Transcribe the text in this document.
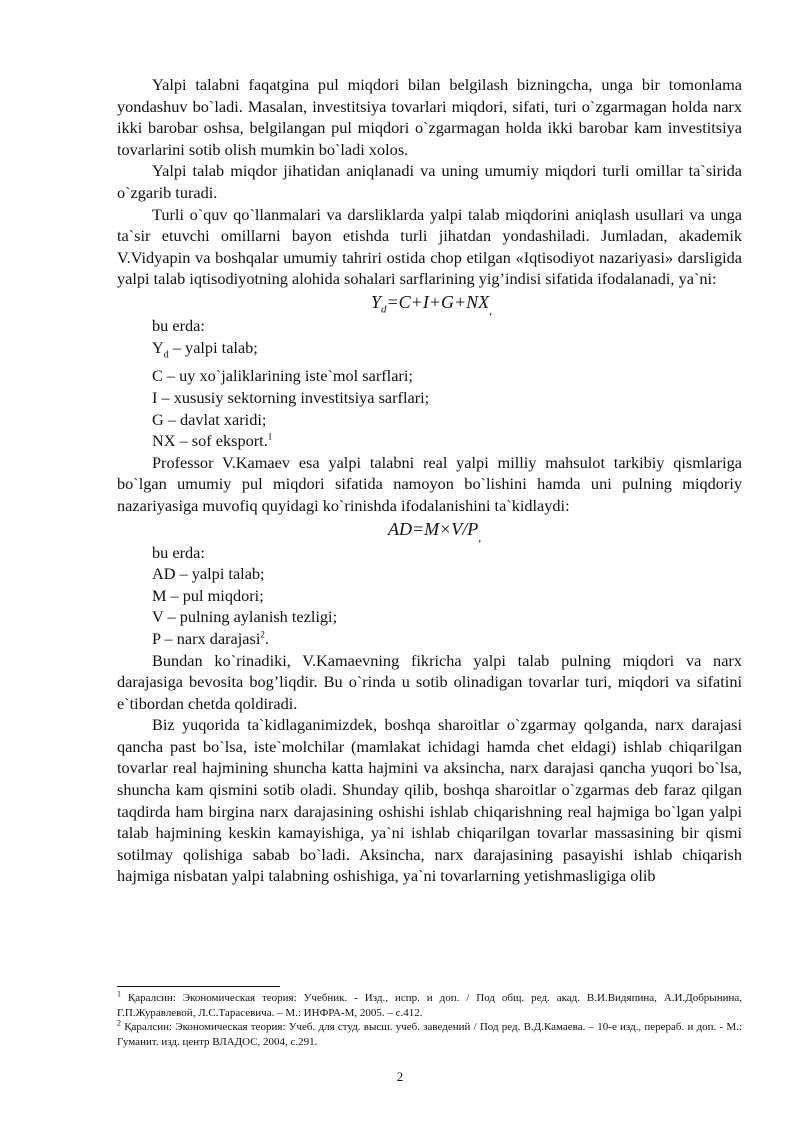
Yalpi talabni faqatgina pul miqdori bilan belgilash bizningcha, unga bir tomonlama yondashuv bo`ladi. Masalan, investitsiya tovarlari miqdori, sifati, turi o`zgarmagan holda narx ikki barobar oshsa, belgilangan pul miqdori o`zgarmagan holda ikki barobar kam investitsiya tovarlarini sotib olish mumkin bo`ladi xolos.

Yalpi talab miqdor jihatidan aniqlanadi va uning umumiy miqdori turli omillar ta`sirida o`zgarib turadi.

Turli o`quv qo`llanmalari va darsliklarda yalpi talab miqdorini aniqlash usullari va unga ta`sir etuvchi omillarni bayon etishda turli jihatdan yondashiladi. Jumladan, akademik V.Vidyapin va boshqalar umumiy tahriri ostida chop etilgan «Iqtisodiyot nazariyasi» darsligida yalpi talab iqtisodiyotning alohida sohalari sarflarining yig’indisi sifatida ifodalanadi, ya`ni:

$Y_d=C+I+G+NX_,$

bu erda:

$Y_d$ – yalpi talab;

C – uy xo`jaliklarining iste`mol sarflari;

I – xususiy sektorning investitsiya sarflari;

G – davlat xaridi;

NX – sof eksport.$^1$

Professor V.Kamaev esa yalpi talabni real yalpi milliy mahsulot tarkibiy qismlariga bo`lgan umumiy pul miqdori sifatida namoyon bo`lishini hamda uni pulning miqdoriy nazariyasiga muvofiq quyidagi ko`rinishda ifodalanishini ta`kidlaydi:

$AD=M\times V/P_,$

bu erda:

AD – yalpi talab;

M – pul miqdori;

V – pulning aylanish tezligi;

P – narx darajasi$^2$.

Bundan ko`rinadiki, V.Kamaevning fikricha yalpi talab pulning miqdori va narx darajasiga bevosita bog’liqdir. Bu o`rinda u sotib olinadigan tovarlar turi, miqdori va sifatini e`tibordan chetda qoldiradi.

Biz yuqorida ta`kidlaganimizdek, boshqa sharoitlar o`zgarmay qolganda, narx darajasi qancha past bo`lsa, iste`molchilar (mamlakat ichidagi hamda chet eldagi) ishlab chiqarilgan tovarlar real hajmining shuncha katta hajmini va aksincha, narx darajasi qancha yuqori bo`lsa, shuncha kam qismini sotib oladi. Shunday qilib, boshqa sharoitlar o`zgarmas deb faraz qilgan taqdirda ham birgina narx darajasining oshishi ishlab chiqarishning real hajmiga bo`lgan yalpi talab hajmining keskin kamayishiga, ya`ni ishlab chiqarilgan tovarlar massasining bir qismi sotilmay qolishiga sabab bo`ladi. Aksincha, narx darajasining pasayishi ishlab chiqarish hajmiga nisbatan yalpi talabning oshishiga, ya`ni tovarlarning yetishmasligiga olib

$^1$ Қаралсин: Экономическая теория: Учебник. - Изд., испр. и доп. / Под общ. ред. акад. В.И.Видяпина, А.И.Добрынина, Г.П.Журавлевой, Л.С.Тарасевича. – М.: ИНФРА-М, 2005. – с.412.

$^2$ Қаралсин: Экономическая теория: Учеб. для студ. высш. учеб. заведений / Под ред. В.Д.Камаева. – 10-е изд., перераб. и доп. - М.: Гуманит. изд. центр ВЛАДОС, 2004, с.291.

2
